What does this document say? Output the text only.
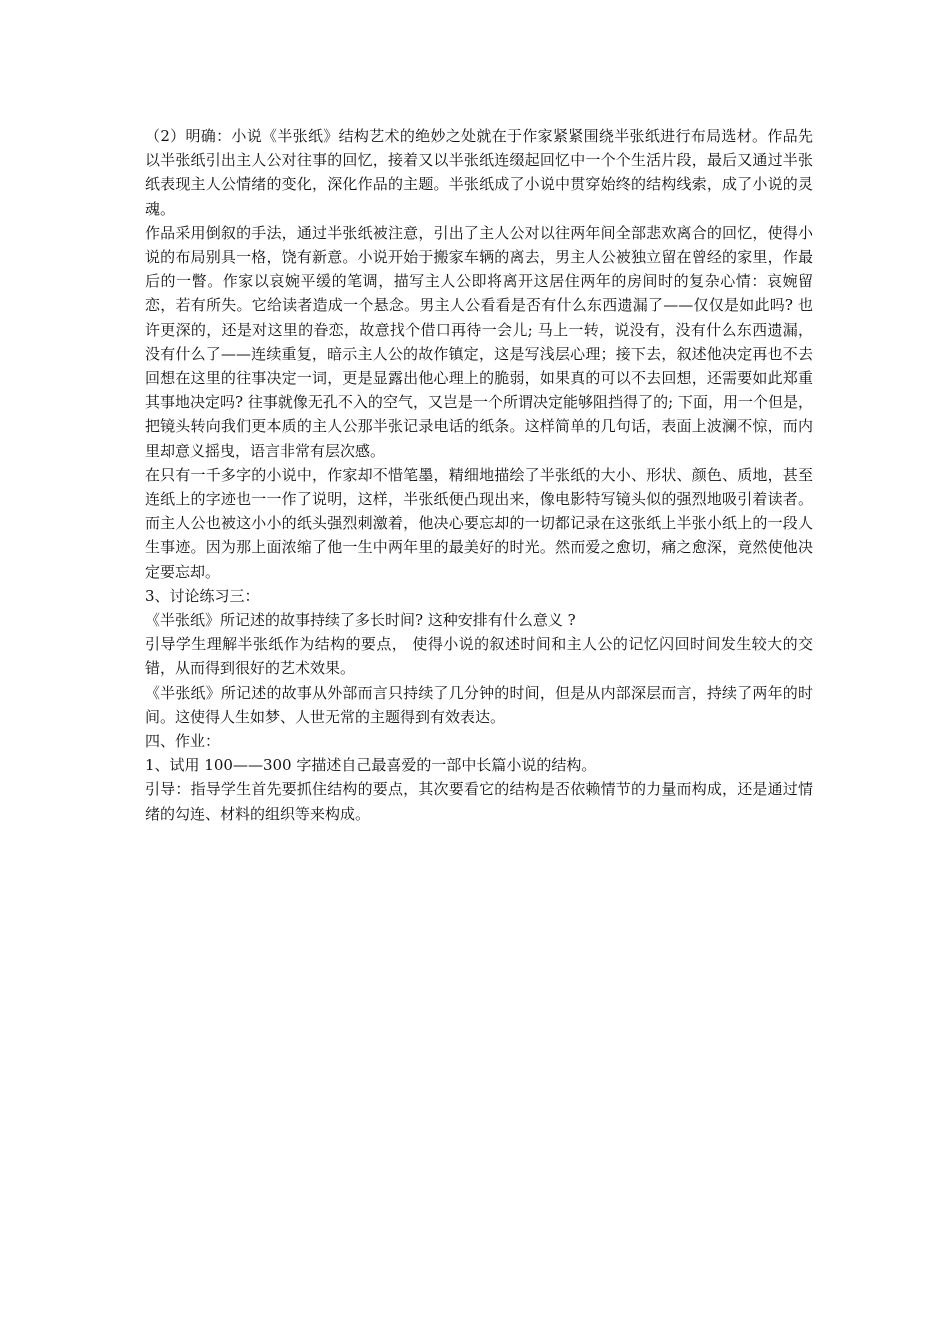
（2）明确：小说《半张纸》结构艺术的绝妙之处就在于作家紧紧围绕半张纸进行布局选材。作品先以半张纸引出主人公对往事的回忆，接着又以半张纸连缀起回忆中一个个生活片段，最后又通过半张纸表现主人公情绪的变化，深化作品的主题。半张纸成了小说中贯穿始终的结构线索，成了小说的灵魂。

作品采用倒叙的手法，通过半张纸被注意，引出了主人公对以往两年间全部悲欢离合的回忆，使得小说的布局别具一格，饶有新意。小说开始于搬家车辆的离去，男主人公被独立留在曾经的家里，作最后的一瞥。作家以哀婉平缓的笔调，描写主人公即将离开这居住两年的房间时的复杂心情：哀婉留恋，若有所失。它给读者造成一个悬念。男主人公看看是否有什么东西遗漏了——仅仅是如此吗? 也许更深的，还是对这里的眷恋，故意找个借口再待一会儿; 马上一转，说没有，没有什么东西遗漏，没有什么了——连续重复，暗示主人公的故作镇定，这是写浅层心理；接下去，叙述他决定再也不去回想在这里的往事决定一词，更是显露出他心理上的脆弱，如果真的可以不去回想，还需要如此郑重其事地决定吗? 往事就像无孔不入的空气，又岂是一个所谓决定能够阻挡得了的; 下面，用一个但是，把镜头转向我们更本质的主人公那半张记录电话的纸条。这样简单的几句话，表面上波澜不惊，而内里却意义摇曳，语言非常有层次感。

在只有一千多字的小说中，作家却不惜笔墨，精细地描绘了半张纸的大小、形状、颜色、质地，甚至连纸上的字迹也一一作了说明，这样，半张纸便凸现出来，像电影特写镜头似的强烈地吸引着读者。而主人公也被这小小的纸头强烈刺激着，他决心要忘却的一切都记录在这张纸上半张小纸上的一段人生事迹。因为那上面浓缩了他一生中两年里的最美好的时光。然而爱之愈切，痛之愈深，竟然使他决定要忘却。

3、讨论练习三：

《半张纸》所记述的故事持续了多长时间? 这种安排有什么意义 ?

引导学生理解半张纸作为结构的要点， 使得小说的叙述时间和主人公的记忆闪回时间发生较大的交错，从而得到很好的艺术效果。

《半张纸》所记述的故事从外部而言只持续了几分钟的时间，但是从内部深层而言，持续了两年的时间。这使得人生如梦、人世无常的主题得到有效表达。

四、作业：

1、试用 100——300 字描述自己最喜爱的一部中长篇小说的结构。

引导：指导学生首先要抓住结构的要点，其次要看它的结构是否依赖情节的力量而构成，还是通过情绪的勾连、材料的组织等来构成。
